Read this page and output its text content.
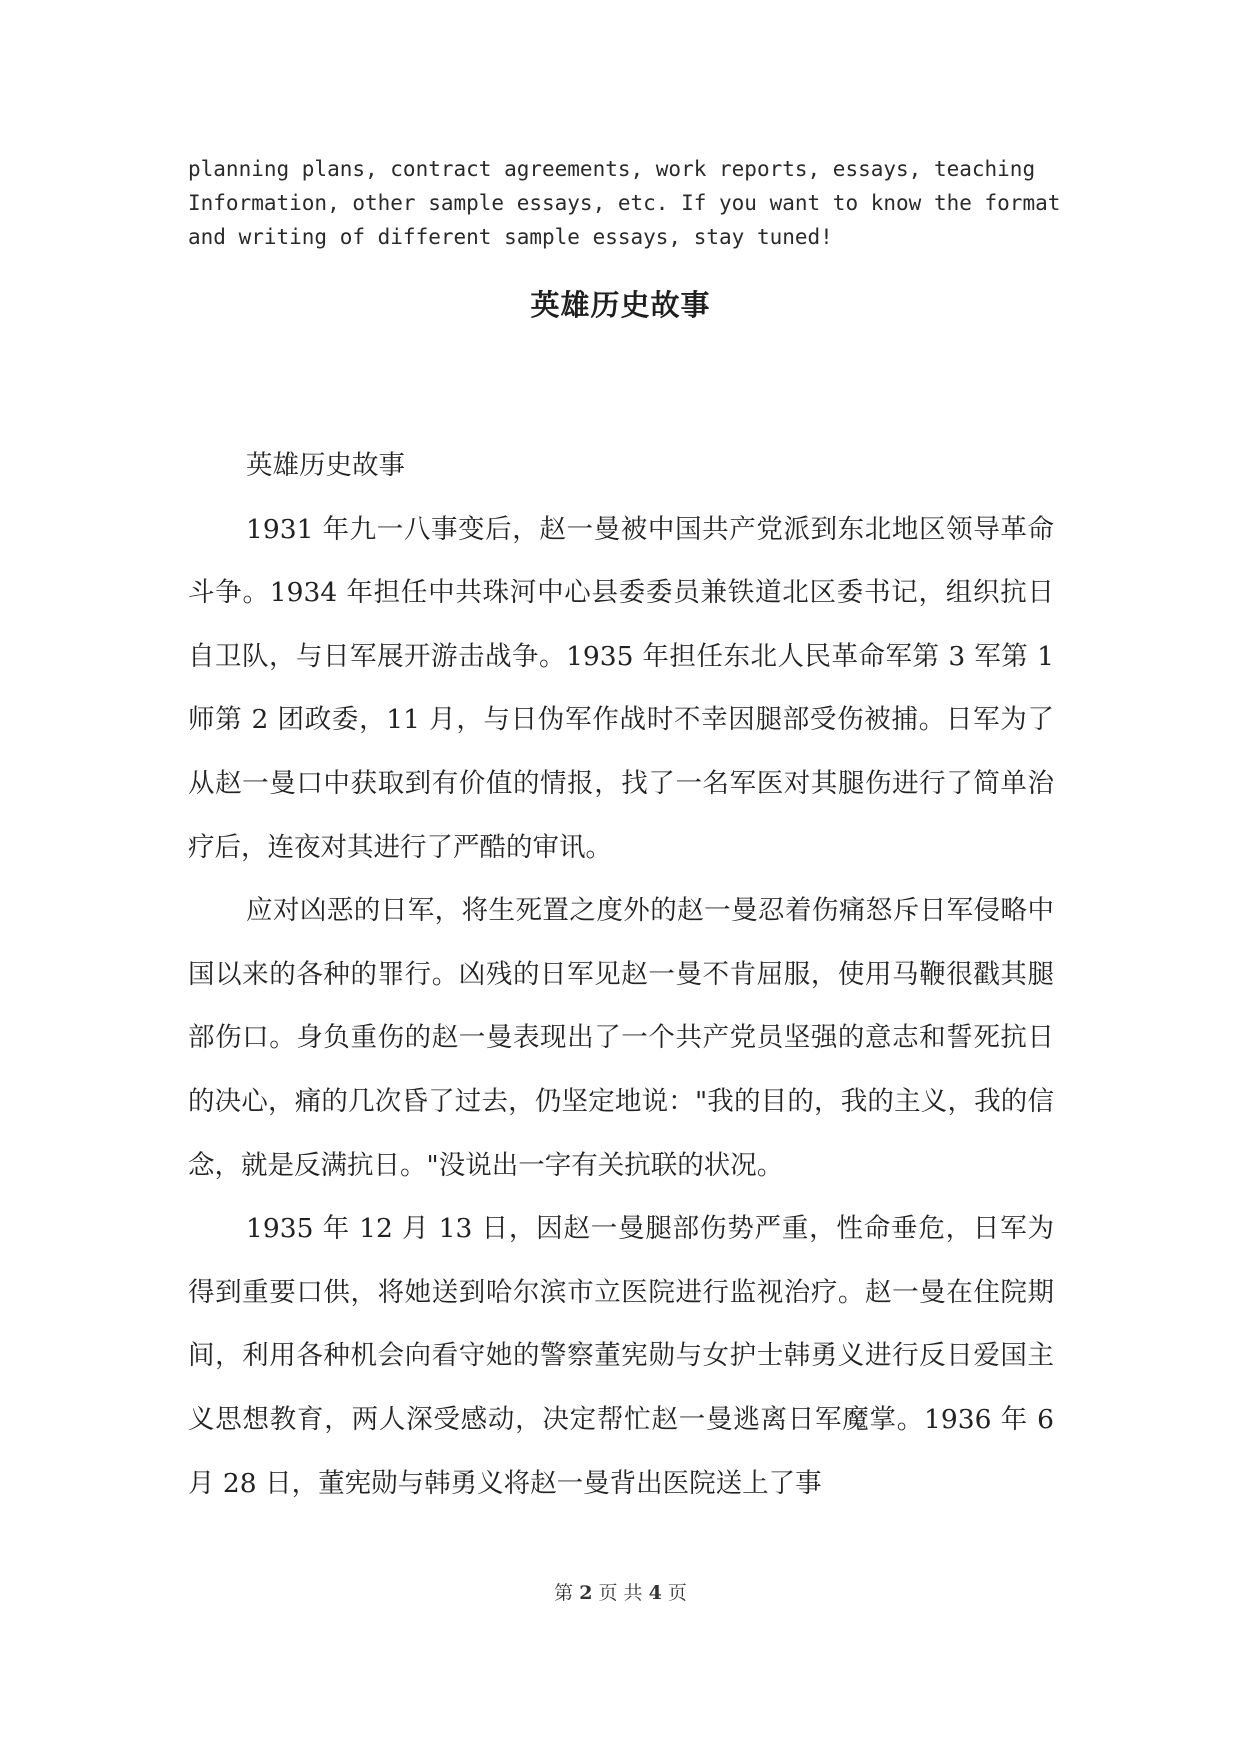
planning plans, contract agreements, work reports, essays, teaching
Information, other sample essays, etc. If you want to know the format
and writing of different sample essays, stay tuned!
英雄历史故事

英雄历史故事

1931 年九一八事变后，赵一曼被中国共产党派到东北地区领导革命斗争。1934 年担任中共珠河中心县委委员兼铁道北区委书记，组织抗日自卫队，与日军展开游击战争。1935 年担任东北人民革命军第 3 军第 1 师第 2 团政委，11 月，与日伪军作战时不幸因腿部受伤被捕。日军为了从赵一曼口中获取到有价值的情报，找了一名军医对其腿伤进行了简单治疗后，连夜对其进行了严酷的审讯。

应对凶恶的日军，将生死置之度外的赵一曼忍着伤痛怒斥日军侵略中国以来的各种的罪行。凶残的日军见赵一曼不肯屈服，使用马鞭很戳其腿部伤口。身负重伤的赵一曼表现出了一个共产党员坚强的意志和誓死抗日的决心，痛的几次昏了过去，仍坚定地说："我的目的，我的主义，我的信念，就是反满抗日。"没说出一字有关抗联的状况。

1935 年 12 月 13 日，因赵一曼腿部伤势严重，性命垂危，日军为得到重要口供，将她送到哈尔滨市立医院进行监视治疗。赵一曼在住院期间，利用各种机会向看守她的警察董宪勋与女护士韩勇义进行反日爱国主义思想教育，两人深受感动，决定帮忙赵一曼逃离日军魔掌。1936 年 6 月 28 日，董宪勋与韩勇义将赵一曼背出医院送上了事

第 2 页 共 4 页
